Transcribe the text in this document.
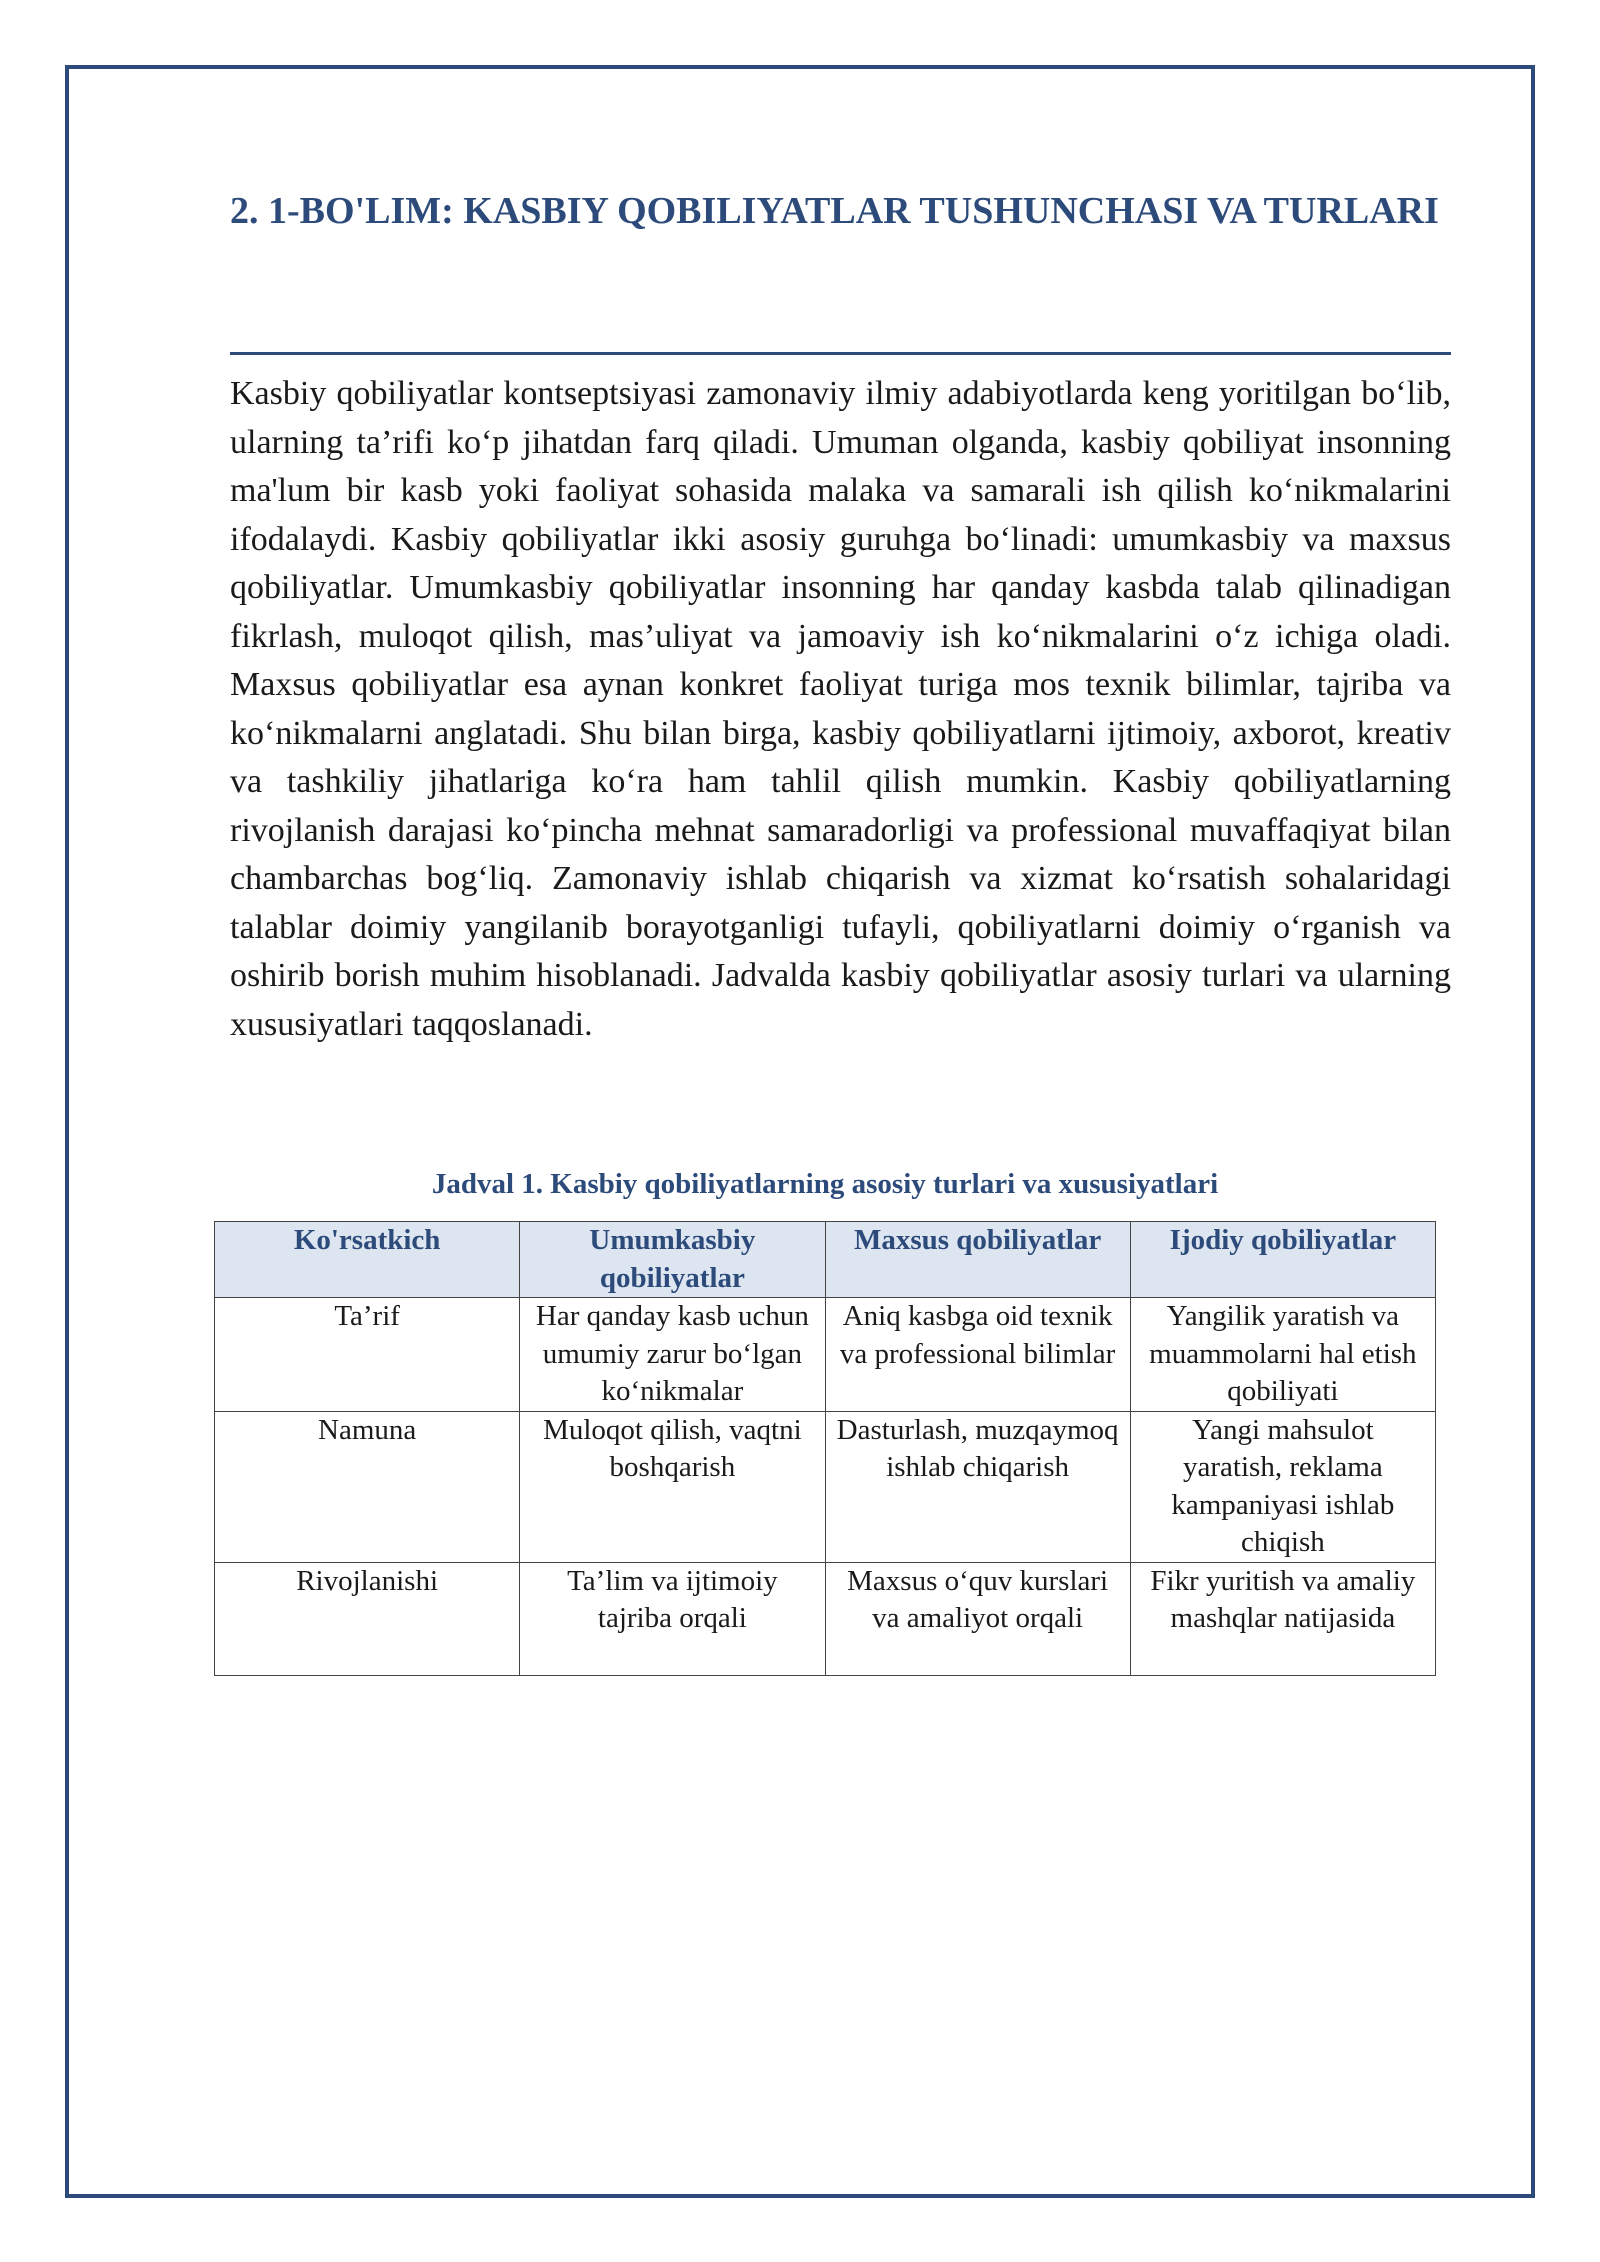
2. 1-BO'LIM: KASBIY QOBILIYATLAR TUSHUNCHASI VA TURLARI

Kasbiy qobiliyatlar kontseptsiyasi zamonaviy ilmiy adabiyotlarda keng yoritilgan bo‘lib, ularning ta’rifi ko‘p jihatdan farq qiladi. Umuman olganda, kasbiy qobiliyat insonning ma'lum bir kasb yoki faoliyat sohasida malaka va samarali ish qilish ko‘nikmalarini ifodalaydi. Kasbiy qobiliyatlar ikki asosiy guruhga bo‘linadi: umumkasbiy va maxsus qobiliyatlar. Umumkasbiy qobiliyatlar insonning har qanday kasbda talab qilinadigan fikrlash, muloqot qilish, mas’uliyat va jamoaviy ish ko‘nikmalarini o‘z ichiga oladi. Maxsus qobiliyatlar esa aynan konkret faoliyat turiga mos texnik bilimlar, tajriba va ko‘nikmalarni anglatadi. Shu bilan birga, kasbiy qobiliyatlarni ijtimoiy, axborot, kreativ va tashkiliy jihatlariga ko‘ra ham tahlil qilish mumkin. Kasbiy qobiliyatlarning rivojlanish darajasi ko‘pincha mehnat samaradorligi va professional muvaffaqiyat bilan chambarchas bog‘liq. Zamonaviy ishlab chiqarish va xizmat ko‘rsatish sohalaridagi talablar doimiy yangilanib borayotganligi tufayli, qobiliyatlarni doimiy o‘rganish va oshirib borish muhim hisoblanadi. Jadvalda kasbiy qobiliyatlar asosiy turlari va ularning xususiyatlari taqqoslanadi.

Jadval 1. Kasbiy qobiliyatlarning asosiy turlari va xususiyatlari
Ko'rsatkich	Umumkasbiy qobiliyatlar	Maxsus qobiliyatlar	Ijodiy qobiliyatlar
Ta’rif	Har qanday kasb uchun umumiy zarur bo‘lgan ko‘nikmalar	Aniq kasbga oid texnik va professional bilimlar	Yangilik yaratish va muammolarni hal etish qobiliyati
Namuna	Muloqot qilish, vaqtni boshqarish	Dasturlash, muzqaymoq ishlab chiqarish	Yangi mahsulot yaratish, reklama kampaniyasi ishlab chiqish
Rivojlanishi	Ta’lim va ijtimoiy tajriba orqali	Maxsus o‘quv kurslari va amaliyot orqali	Fikr yuritish va amaliy mashqlar natijasida
